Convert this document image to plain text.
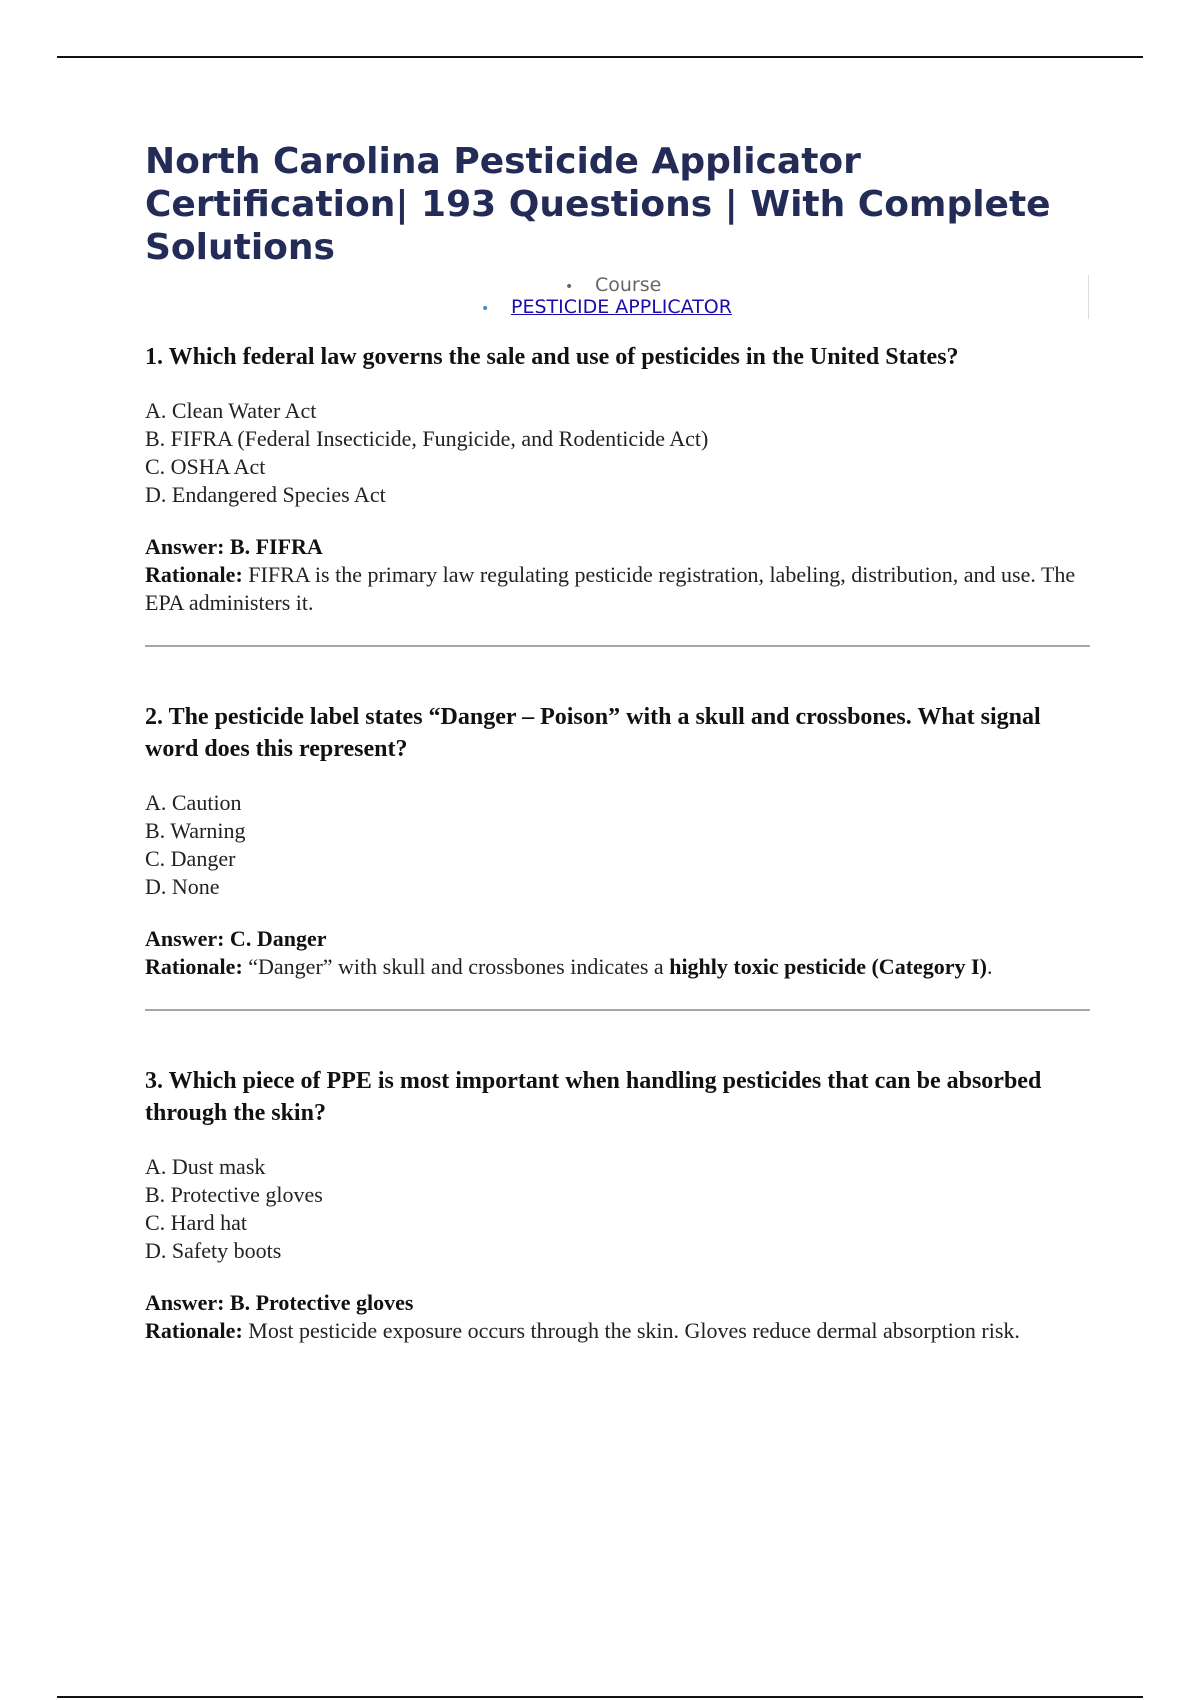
North Carolina Pesticide Applicator
Certification| 193 Questions | With Complete
Solutions
• Course
• PESTICIDE APPLICATOR
1. Which federal law governs the sale and use of pesticides in the United States?

A. Clean Water Act

B. FIFRA (Federal Insecticide, Fungicide, and Rodenticide Act)

C. OSHA Act

D. Endangered Species Act

Answer: B. FIFRA

Rationale: FIFRA is the primary law regulating pesticide registration, labeling, distribution, and use. The EPA administers it.

2. The pesticide label states “Danger – Poison” with a skull and crossbones. What signal word does this represent?

A. Caution

B. Warning

C. Danger

D. None

Answer: C. Danger

Rationale: “Danger” with skull and crossbones indicates a highly toxic pesticide (Category I).

3. Which piece of PPE is most important when handling pesticides that can be absorbed through the skin?

A. Dust mask

B. Protective gloves

C. Hard hat

D. Safety boots

Answer: B. Protective gloves

Rationale: Most pesticide exposure occurs through the skin. Gloves reduce dermal absorption risk.
